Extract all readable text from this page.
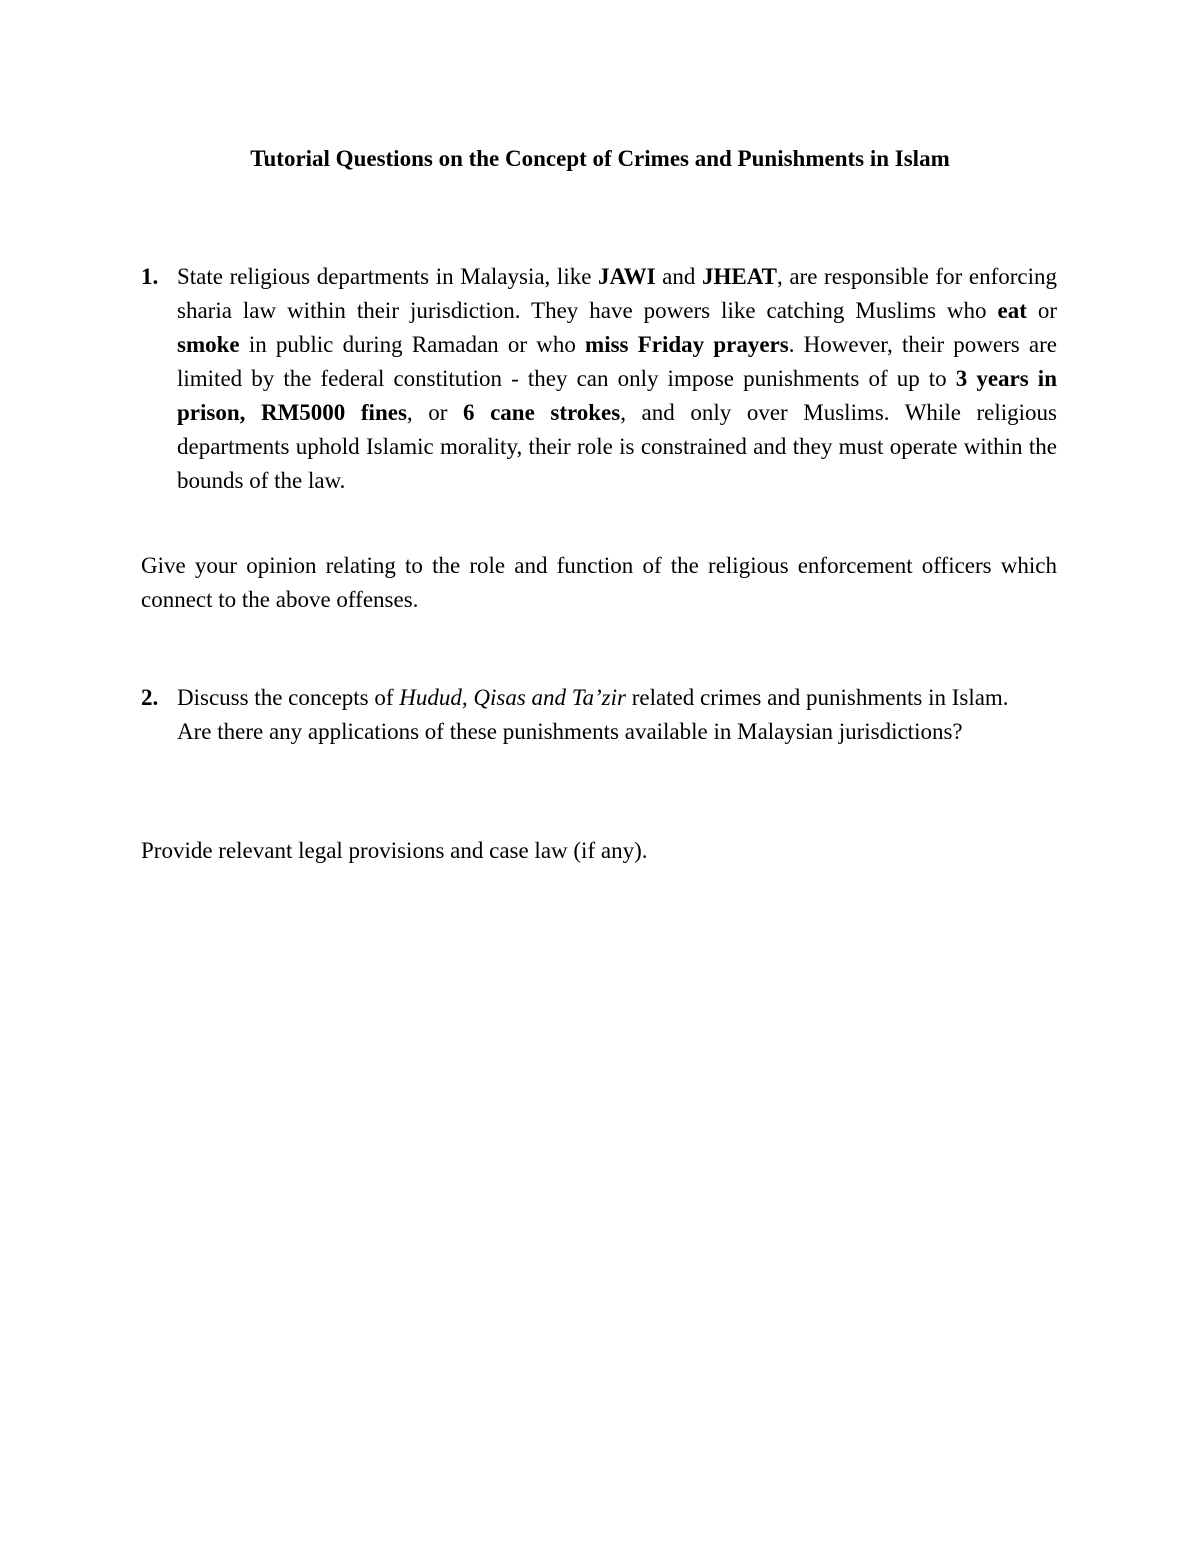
Tutorial Questions on the Concept of Crimes and Punishments in Islam
1. State religious departments in Malaysia, like JAWI and JHEAT, are responsible for enforcing sharia law within their jurisdiction. They have powers like catching Muslims who eat or smoke in public during Ramadan or who miss Friday prayers. However, their powers are limited by the federal constitution - they can only impose punishments of up to 3 years in prison, RM5000 fines, or 6 cane strokes, and only over Muslims. While religious departments uphold Islamic morality, their role is constrained and they must operate within the bounds of the law.

Give your opinion relating to the role and function of the religious enforcement officers which connect to the above offenses.

2. Discuss the concepts of Hudud, Qisas and Ta’zir related crimes and punishments in Islam.

Are there any applications of these punishments available in Malaysian jurisdictions?

Provide relevant legal provisions and case law (if any).
